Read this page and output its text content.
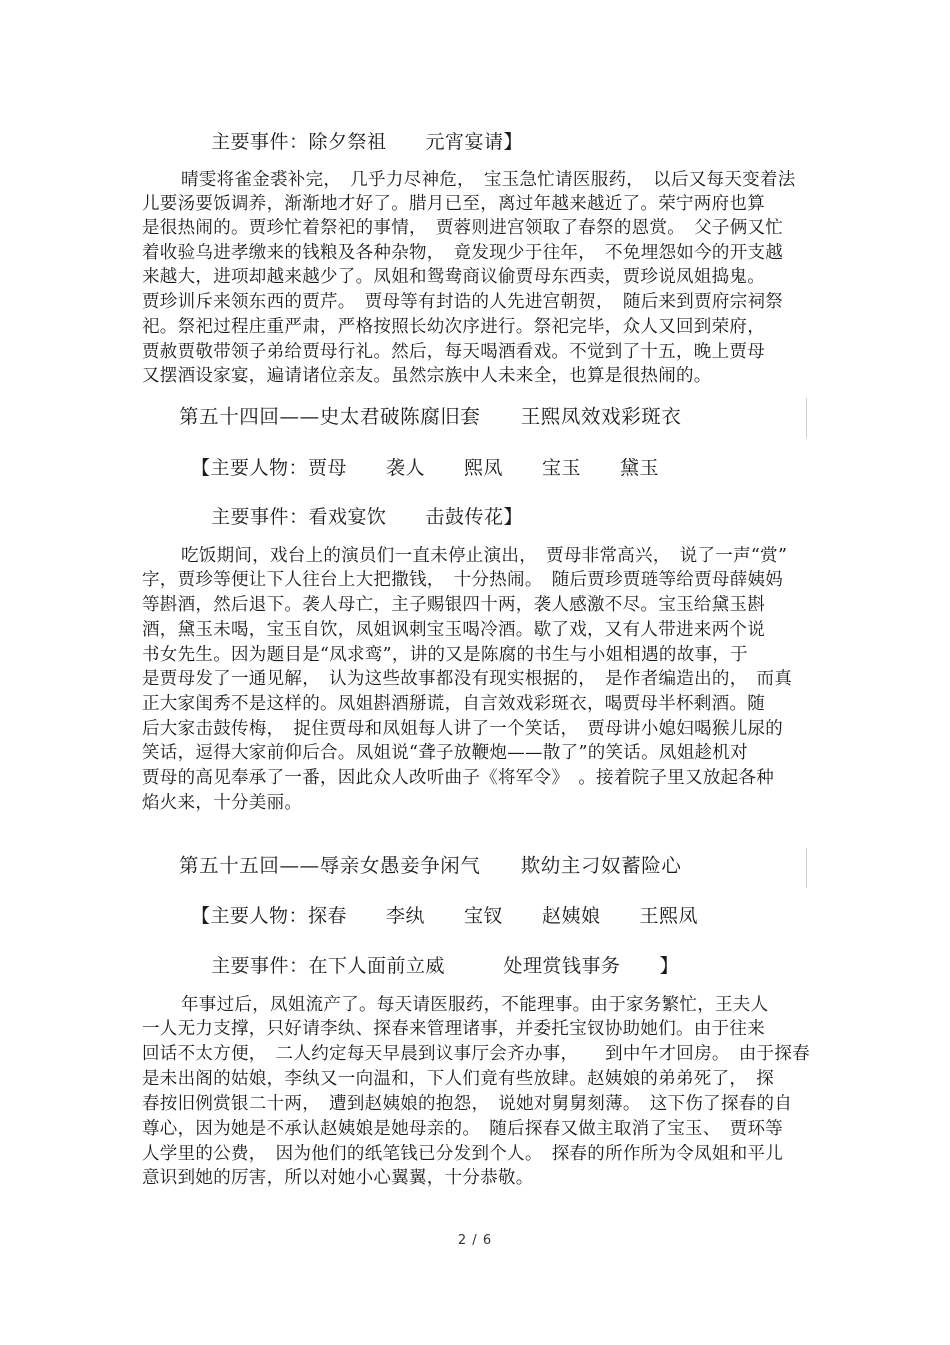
主要事件：除夕祭祖　　元宵宴请】
晴雯将雀金裘补完，　几乎力尽神危，　宝玉急忙请医服药，　以后又每天变着法
儿要汤要饭调养，渐渐地才好了。腊月已至，离过年越来越近了。荣宁两府也算
是很热闹的。贾珍忙着祭祀的事情，　贾蓉则进宫领取了春祭的恩赏。　父子俩又忙
着收验乌进孝缴来的钱粮及各种杂物，　竟发现少于往年，　不免埋怨如今的开支越
来越大，进项却越来越少了。凤姐和鸳鸯商议偷贾母东西卖，贾珍说凤姐捣鬼。
贾珍训斥来领东西的贾芹。　贾母等有封诰的人先进宫朝贺，　随后来到贾府宗祠祭
祀。祭祀过程庄重严肃，严格按照长幼次序进行。祭祀完毕，众人又回到荣府，
贾赦贾敬带领子弟给贾母行礼。然后，每天喝酒看戏。不觉到了十五，晚上贾母
又摆酒设家宴，遍请诸位亲友。虽然宗族中人未来全，也算是很热闹的。
第五十四回——史太君破陈腐旧套　　王熙凤效戏彩斑衣
【主要人物：贾母　　袭人　　熙凤　　宝玉　　黛玉
主要事件：看戏宴饮　　击鼓传花】
吃饭期间，戏台上的演员们一直未停止演出，　贾母非常高兴，　说了一声“赏”
字，贾珍等便让下人往台上大把撒钱，　十分热闹。　随后贾珍贾琏等给贾母薛姨妈
等斟酒，然后退下。袭人母亡，主子赐银四十两，袭人感激不尽。宝玉给黛玉斟
酒，黛玉未喝，宝玉自饮，凤姐讽刺宝玉喝冷酒。歇了戏，又有人带进来两个说
书女先生。因为题目是“凤求鸾”，讲的又是陈腐的书生与小姐相遇的故事，于
是贾母发了一通见解，　认为这些故事都没有现实根据的，　是作者编造出的，　而真
正大家闺秀不是这样的。凤姐斟酒掰谎，自言效戏彩斑衣，喝贾母半杯剩酒。随
后大家击鼓传梅，　捉住贾母和凤姐每人讲了一个笑话，　贾母讲小媳妇喝猴儿尿的
笑话，逗得大家前仰后合。凤姐说“聋子放鞭炮——散了”的笑话。凤姐趁机对
贾母的高见奉承了一番，因此众人改听曲子《将军令》　。接着院子里又放起各种
焰火来，十分美丽。
第五十五回——辱亲女愚妾争闲气　　欺幼主刁奴蓄险心
【主要人物：探春　　李纨　　宝钗　　赵姨娘　　王熙凤
主要事件：在下人面前立威　　　处理赏钱事务　　】
年事过后，凤姐流产了。每天请医服药，不能理事。由于家务繁忙，王夫人
一人无力支撑，只好请李纨、探春来管理诸事，并委托宝钗协助她们。由于往来
回话不太方便，　二人约定每天早晨到议事厅会齐办事，　　到中午才回房。　由于探春
是未出阁的姑娘，李纨又一向温和，下人们竟有些放肆。赵姨娘的弟弟死了，　探
春按旧例赏银二十两，　遭到赵姨娘的抱怨，　说她对舅舅刻薄。　这下伤了探春的自
尊心，因为她是不承认赵姨娘是她母亲的。　随后探春又做主取消了宝玉、　贾环等
人学里的公费，　因为他们的纸笔钱已分发到个人。　探春的所作所为令凤姐和平儿
意识到她的厉害，所以对她小心翼翼，十分恭敬。
2 / 6
